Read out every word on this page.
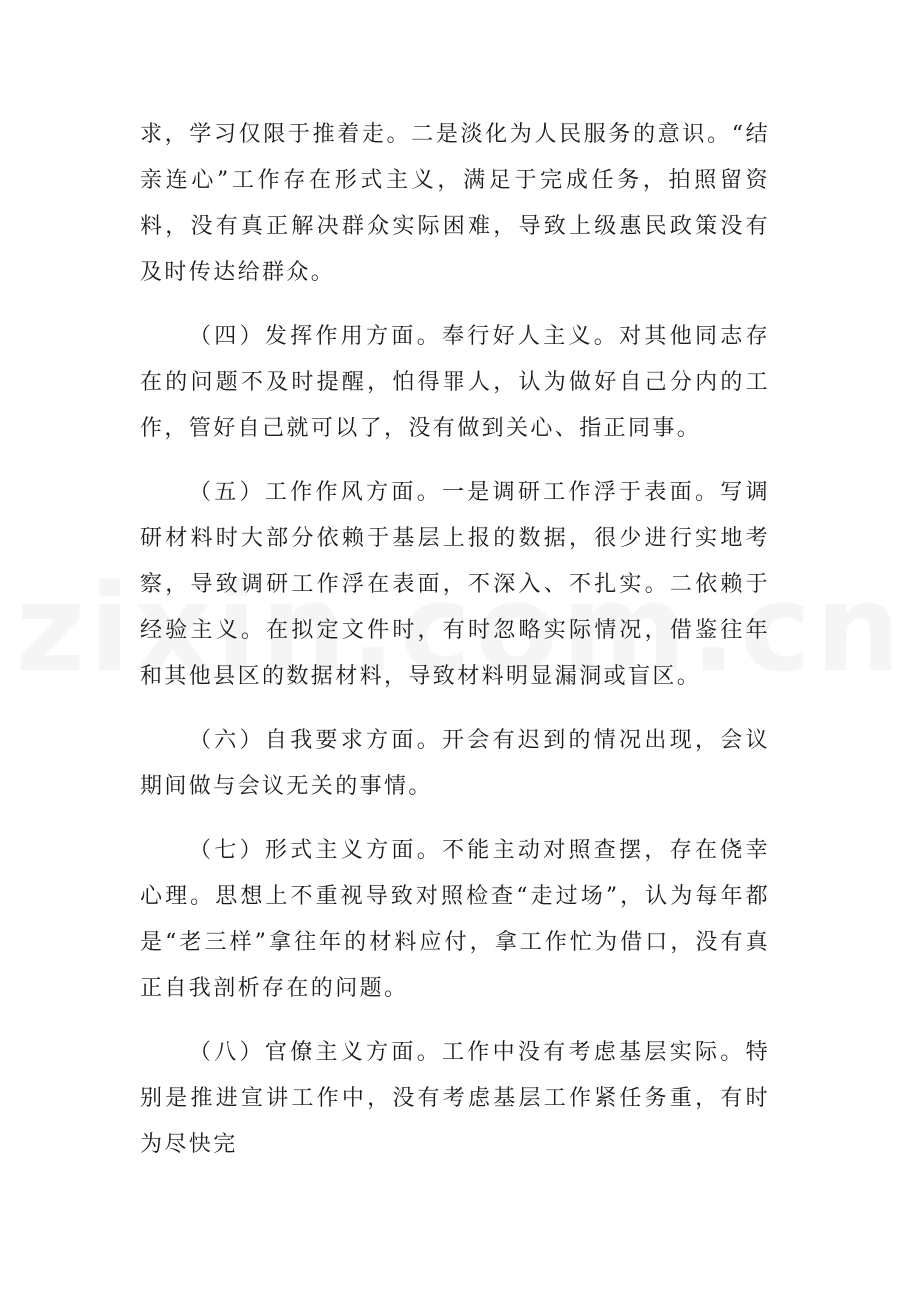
求，学习仅限于推着走。二是淡化为人民服务的意识。“结亲连心”工作存在形式主义，满足于完成任务，拍照留资料，没有真正解决群众实际困难，导致上级惠民政策没有及时传达给群众。

（四）发挥作用方面。奉行好人主义。对其他同志存在的问题不及时提醒，怕得罪人，认为做好自己分内的工作，管好自己就可以了，没有做到关心、指正同事。

（五）工作作风方面。一是调研工作浮于表面。写调研材料时大部分依赖于基层上报的数据，很少进行实地考察，导致调研工作浮在表面，不深入、不扎实。二依赖于经验主义。在拟定文件时，有时忽略实际情况，借鉴往年和其他县区的数据材料，导致材料明显漏洞或盲区。

（六）自我要求方面。开会有迟到的情况出现，会议期间做与会议无关的事情。

（七）形式主义方面。不能主动对照查摆，存在侥幸心理。思想上不重视导致对照检查“走过场”，认为每年都是“老三样”拿往年的材料应付，拿工作忙为借口，没有真正自我剖析存在的问题。

（八）官僚主义方面。工作中没有考虑基层实际。特别是推进宣讲工作中，没有考虑基层工作紧任务重，有时为尽快完
